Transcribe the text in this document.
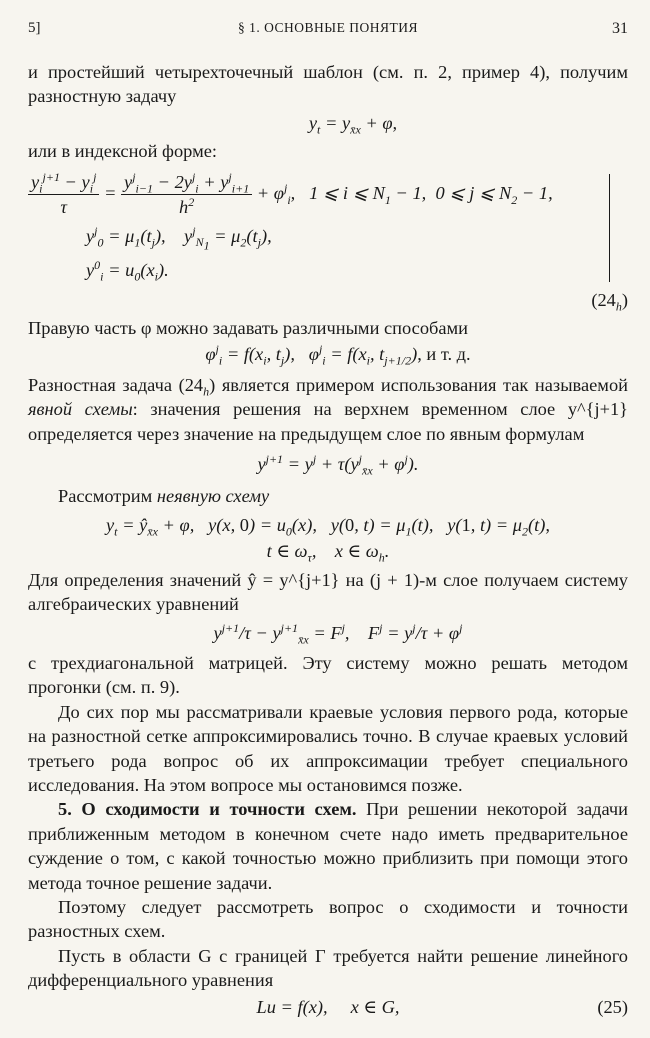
5]	§ 1. ОСНОВНЫЕ ПОНЯТИЯ	31

и простейший четырехточечный шаблон (см. п. 2, пример 4), получим разностную задачу

$y_t = y_{x̄x} + \varphi$,

или в индексной форме:

$\frac{y_i^{j+1} - y_i^j}{\tau} = \frac{y^j_{i-1} - 2y^j_i + y^j_{i+1}}{h^2} + \varphi^j_i$,   1 ⩽ i ⩽ $N_1 - 1$,  0 ⩽ j ⩽ $N_2 - 1$,
$y^j_0 = \mu_1(t_j)$,    $y^j_{N_1} = \mu_2(t_j)$,
$y^0_i = u_0(x_i)$.
$(24_h)$

Правую часть φ можно задавать различными способами

$\varphi^j_i = f(x_i$, $t_j$),   $\varphi^j_i = f(x_i$, $t_{j+1/2}$), и т. д.

Разностная задача $(24_h)$ является примером использования так называемой явной схемы: значения решения на верхнем временном слое y^{j+1} определяется через значение на предыдущем слое по явным формулам

$y^{j+1} = y^j + \tau(y^j_{x̄x} + \varphi^j)$.

Рассмотрим неявную схему

$y_t$ = $ŷ_{x̄x} + \varphi$,   y(x, $0) = u_0(x)$,   y(0, $t) = \mu_1(t)$,   y(1, $t) = \mu_2(t)$,
t ∈ $\omega_\tau$,    x ∈ $\omega_h$.

Для определения значений ŷ = y^{j+1} на (j + 1)-м слое получаем систему алгебраических уравнений

$y^{j+1}/\tau - y^{j+1}_{x̄x} = F^j$,    $F^j = y^j/\tau + \varphi^j$

с трехдиагональной матрицей. Эту систему можно решать методом прогонки (см. п. 9).

До сих пор мы рассматривали краевые условия первого рода, которые на разностной сетке аппроксимировались точно. В случае краевых условий третьего рода вопрос об их аппроксимации требует специального исследования. На этом вопросе мы остановимся позже.

5. О сходимости и точности схем. При решении некоторой задачи приближенным методом в конечном счете надо иметь предварительное суждение о том, с какой точностью можно приблизить при помощи этого метода точное решение задачи.

Поэтому следует рассмотреть вопрос о сходимости и точности разностных схем.

Пусть в области G с границей Γ требуется найти решение линейного дифференциального уравнения

Lu = f(x),     x ∈ G,	(25)
